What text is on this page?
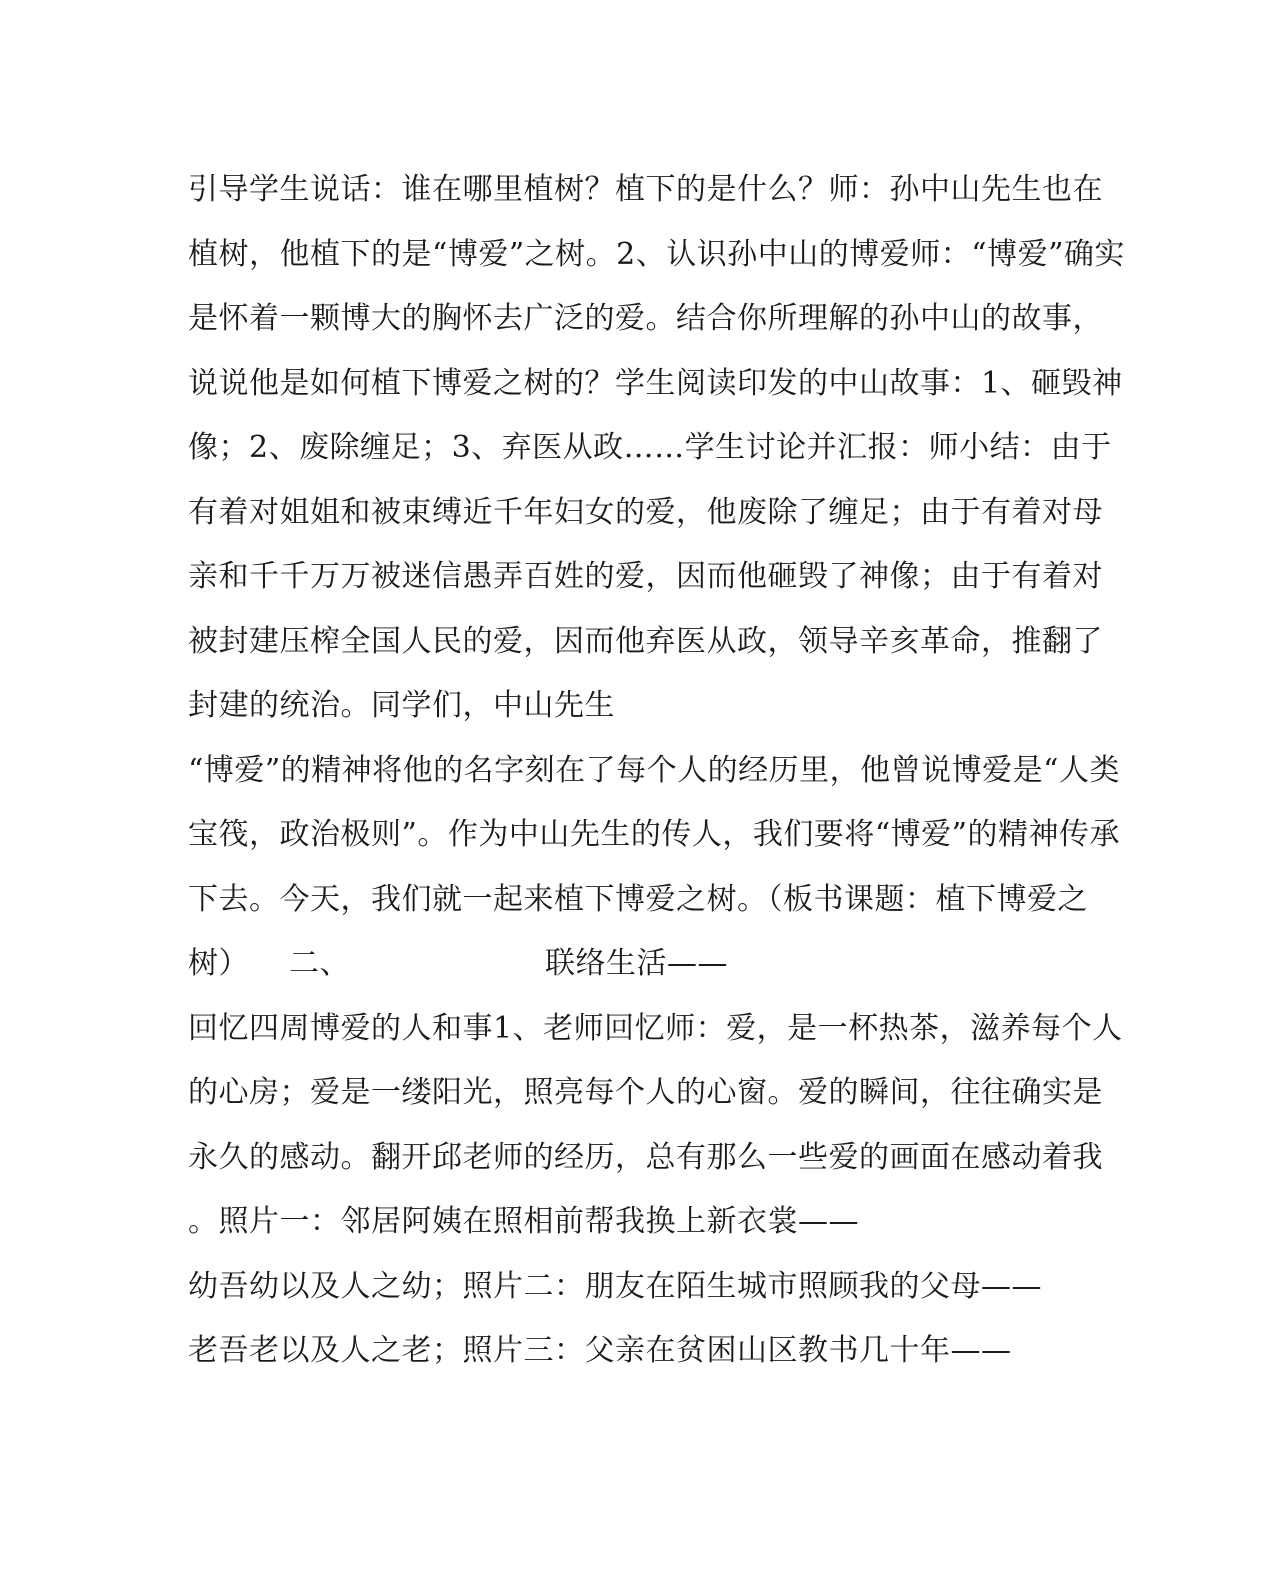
引导学生说话：谁在哪里植树？植下的是什么？师：孙中山先生也在
植树，他植下的是“博爱”之树。2、认识孙中山的博爱师：“博爱”确实
是怀着一颗博大的胸怀去广泛的爱。结合你所理解的孙中山的故事，
说说他是如何植下博爱之树的？学生阅读印发的中山故事：1、砸毁神
像；2、废除缠足；3、弃医从政……学生讨论并汇报：师小结：由于
有着对姐姐和被束缚近千年妇女的爱，他废除了缠足；由于有着对母
亲和千千万万被迷信愚弄百姓的爱，因而他砸毁了神像；由于有着对
被封建压榨全国人民的爱，因而他弃医从政，领导辛亥革命，推翻了
封建的统治。同学们，中山先生
“博爱”的精神将他的名字刻在了每个人的经历里，他曾说博爱是“人类
宝筏，政治极则”。作为中山先生的传人，我们要将“博爱”的精神传承
下去。今天，我们就一起来植下博爱之树。（板书课题：植下博爱之
树） 二、	联络生活——
回忆四周博爱的人和事1、老师回忆师：爱，是一杯热茶，滋养每个人
的心房；爱是一缕阳光，照亮每个人的心窗。爱的瞬间，往往确实是
永久的感动。翻开邱老师的经历，总有那么一些爱的画面在感动着我
。照片一：邻居阿姨在照相前帮我换上新衣裳——
幼吾幼以及人之幼；照片二：朋友在陌生城市照顾我的父母——
老吾老以及人之老；照片三：父亲在贫困山区教书几十年——
